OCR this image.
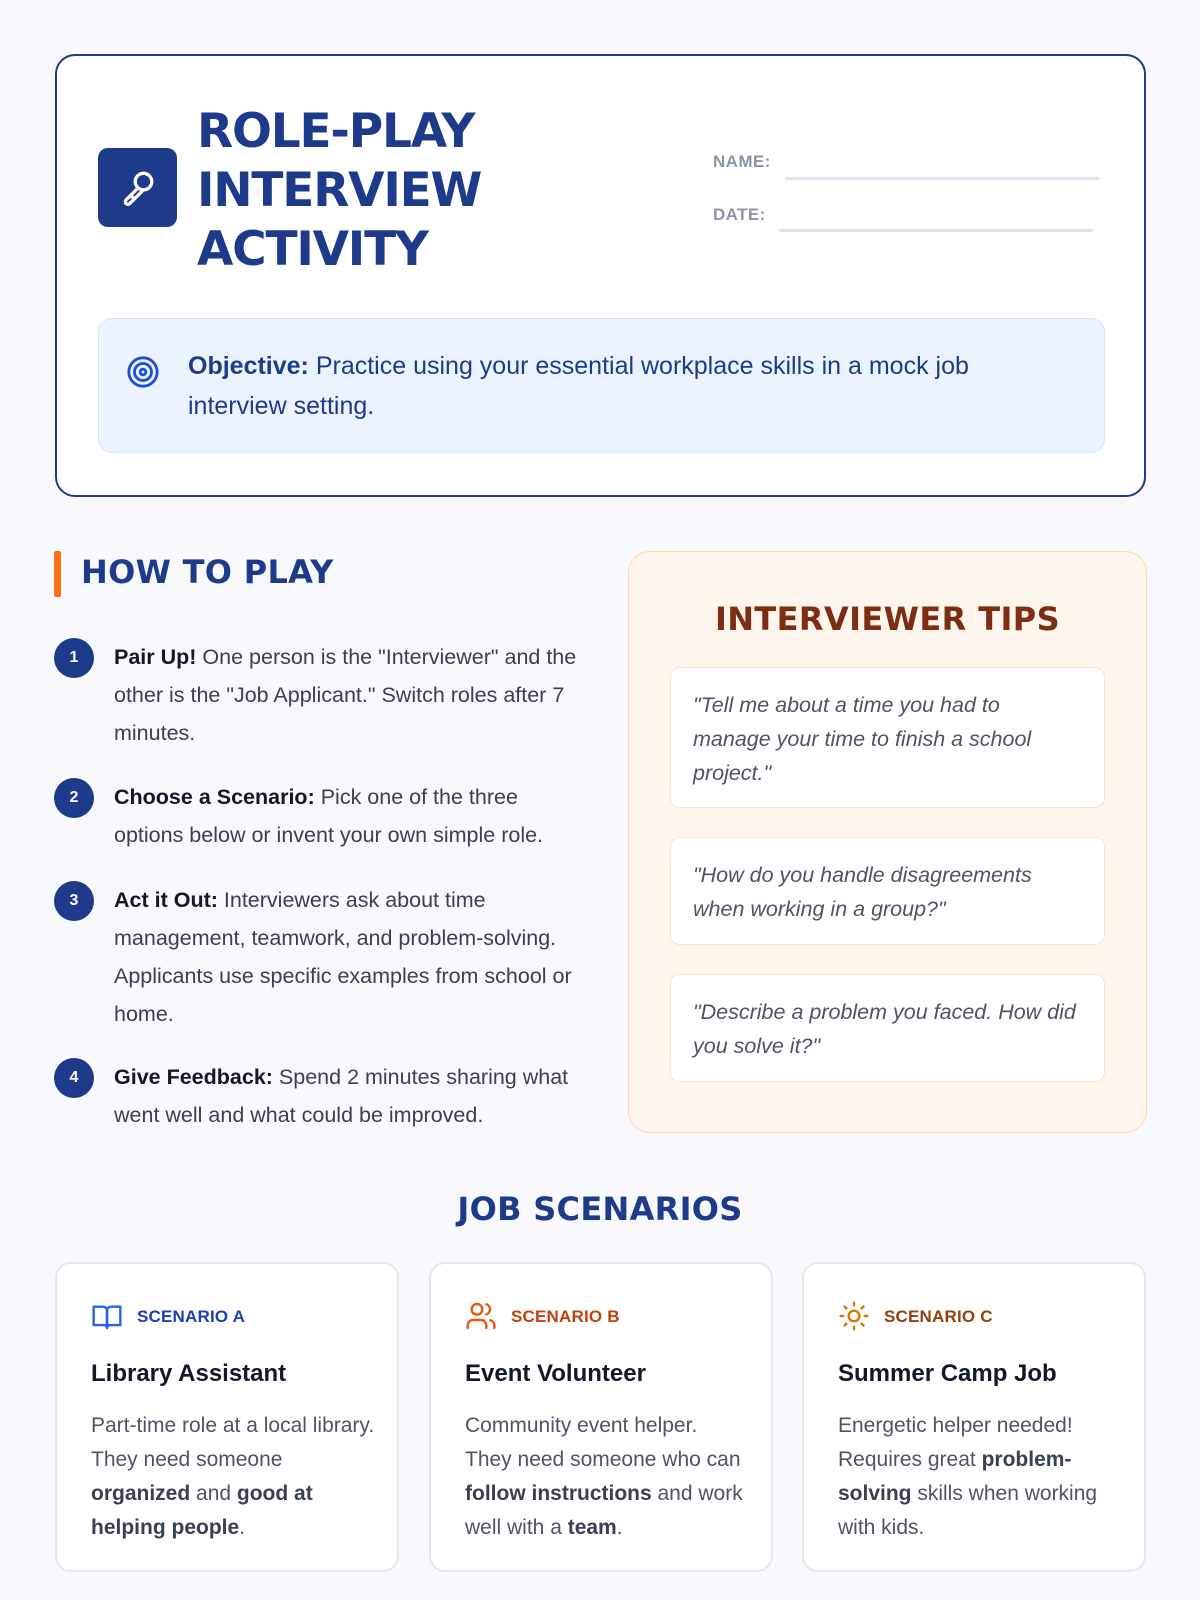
ROLE-PLAY
INTERVIEW
ACTIVITY
NAME:
DATE:
Objective: Practice using your essential workplace skills in a mock job interview setting.
HOW TO PLAY
1	Pair Up! One person is the "Interviewer" and the other is the "Job Applicant." Switch roles after 7 minutes.
2	Choose a Scenario: Pick one of the three options below or invent your own simple role.
3	Act it Out: Interviewers ask about time management, teamwork, and problem-solving. Applicants use specific examples from school or home.
4	Give Feedback: Spend 2 minutes sharing what went well and what could be improved.
INTERVIEWER TIPS
"Tell me about a time you had to manage your time to finish a school project."
"How do you handle disagreements when working in a group?"
"Describe a problem you faced. How did you solve it?"
JOB SCENARIOS
SCENARIO A
Library Assistant
Part-time role at a local library. They need someone organized and good at helping people.
SCENARIO B
Event Volunteer
Community event helper. They need someone who can follow instructions and work well with a team.
SCENARIO C
Summer Camp Job
Energetic helper needed! Requires great problem-solving skills when working with kids.
